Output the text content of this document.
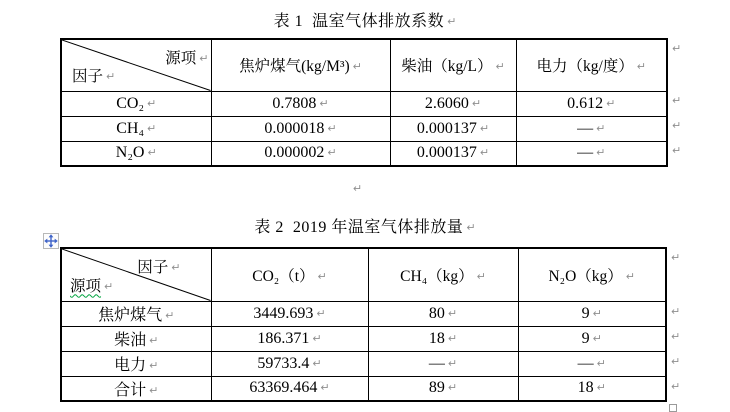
表 1  温室气体排放系数 ↵
源项 ↵
因子 ↵	焦炉煤气(kg/M³) ↵	柴油（kg/L） ↵	电力（kg/度） ↵
CO₂ ↵	0.7808 ↵	2.6060 ↵	0.612 ↵
CH₄ ↵	0.000018 ↵	0.000137 ↵	— ↵
N₂O ↵	0.000002 ↵	0.000137 ↵	— ↵
↵
↵
↵
↵
↵
表 2  2019 年温室气体排放量 ↵
因子 ↵
源项 ↵	CO₂（t） ↵	CH₄（kg） ↵	N₂O（kg） ↵
焦炉煤气 ↵	3449.693 ↵	80 ↵	9 ↵
柴油 ↵	186.371 ↵	18 ↵	9 ↵
电力 ↵	59733.4 ↵	— ↵	— ↵
合计 ↵	63369.464 ↵	89 ↵	18 ↵
↵
↵
↵
↵
↵
